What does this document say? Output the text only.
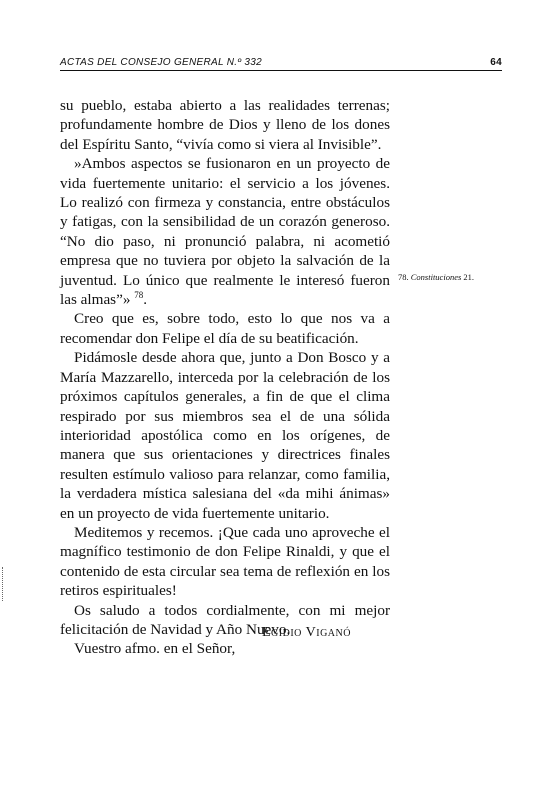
ACTAS DEL CONSEJO GENERAL N.º 332	64

su pueblo, estaba abierto a las realidades terrenas; profundamente hombre de Dios y lleno de los dones del Espíritu Santo, “vivía como si viera al Invisible”.

»Ambos aspectos se fusionaron en un proyecto de vida fuertemente unitario: el servicio a los jóvenes. Lo realizó con firmeza y constancia, entre obstáculos y fatigas, con la sensibilidad de un corazón generoso. “No dio paso, ni pronunció palabra, ni acometió empresa que no tuviera por objeto la salvación de la juventud. Lo único que realmente le interesó fueron las almas”» $^{78}$.

Creo que es, sobre todo, esto lo que nos va a recomendar don Felipe el día de su beatificación.

Pidámosle desde ahora que, junto a Don Bosco y a María Mazzarello, interceda por la celebración de los próximos capítulos generales, a fin de que el clima respirado por sus miembros sea el de una sólida interioridad apostólica como en los orígenes, de manera que sus orientaciones y directrices finales resulten estímulo valioso para relanzar, como familia, la verdadera mística salesiana del «da mihi ánimas» en un proyecto de vida fuertemente unitario.

Meditemos y recemos. ¡Que cada uno aproveche el magnífico testimonio de don Felipe Rinaldi, y que el contenido de esta circular sea tema de reflexión en los retiros espirituales!

Os saludo a todos cordialmente, con mi mejor felicitación de Navidad y Año Nuevo.

Vuestro afmo. en el Señor,

Egidio Viganó
78. Constituciones 21.
